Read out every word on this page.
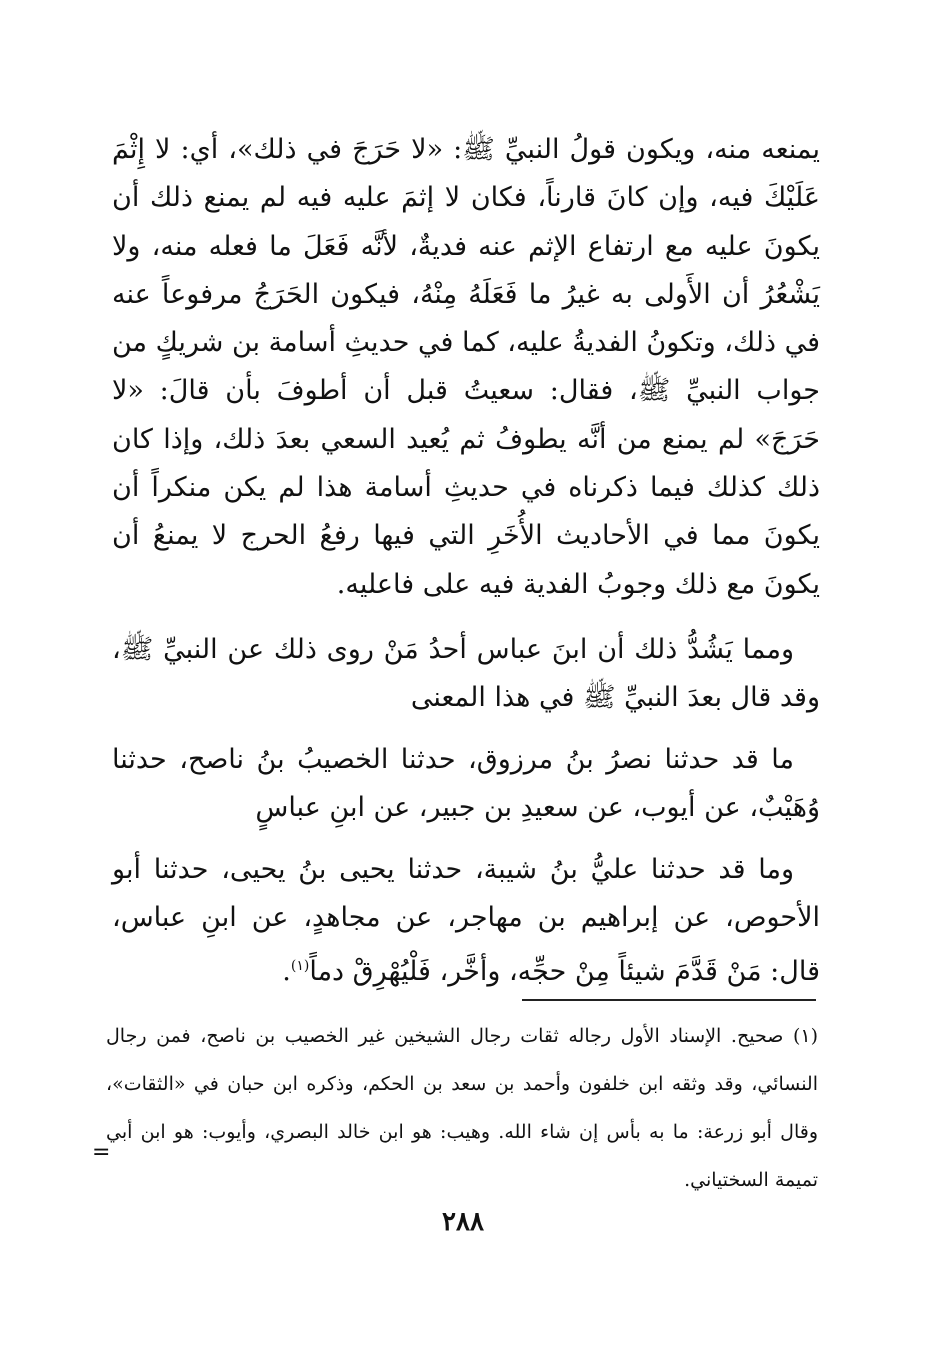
يمنعه منه، ويكون قولُ النبيِّ ﷺ: «لا حَرَجَ في ذلك»، أي: لا إِثْمَ عَلَيْكَ فيه، وإن كانَ قارناً، فكان لا إثمَ عليه فيه لم يمنع ذلك أن يكونَ عليه مع ارتفاع الإثم عنه فديةٌ، لأنَّه فَعَلَ ما فعله منه، ولا يَشْعُرُ أن الأَولى به غيرُ ما فَعَلَهُ مِنْهُ، فيكون الحَرَجُ مرفوعاً عنه في ذلك، وتكونُ الفديةُ عليه، كما في حديثِ أسامة بن شريكٍ من جواب النبيِّ ﷺ، فقال: سعيتُ قبل أن أطوفَ بأن قالَ: «لا حَرَجَ» لم يمنع من أنَّه يطوفُ ثم يُعيد السعي بعدَ ذلك، وإذا كان ذلك كذلك فيما ذكرناه في حديثِ أسامة هذا لم يكن منكراً أن يكونَ مما في الأحاديث الأُخَرِ التي فيها رفعُ الحرج لا يمنعُ أن يكونَ مع ذلك وجوبُ الفدية فيه على فاعليه.

ومما يَشُدُّ ذلك أن ابنَ عباس أحدُ مَنْ روى ذلك عن النبيِّ ﷺ، وقد قال بعدَ النبيِّ ﷺ في هذا المعنى

ما قد حدثنا نصرُ بنُ مرزوق، حدثنا الخصيبُ بنُ ناصح، حدثنا وُهَيْبٌ، عن أيوب، عن سعيدِ بن جبير، عن ابنِ عباسٍ

وما قد حدثنا عليُّ بنُ شيبة، حدثنا يحيى بنُ يحيى، حدثنا أبو الأحوص، عن إبراهيم بن مهاجر، عن مجاهدٍ، عن ابنِ عباس، قال: مَنْ قَدَّمَ شيئاً مِنْ حجِّه، وأخَّر، فَلْيُهْرِقْ دماً$^{(١)}$.

(١) صحيح. الإسناد الأول رجاله ثقات رجال الشيخين غير الخصيب بن ناصح، فمن رجال النسائي، وقد وثقه ابن خلفون وأحمد بن سعد بن الحكم، وذكره ابن حبان في «الثقات»، وقال أبو زرعة: ما به بأس إن شاء الله. وهيب: هو ابن خالد البصري، وأيوب: هو ابن أبي تميمة السختياني.

=
٢٨٨
